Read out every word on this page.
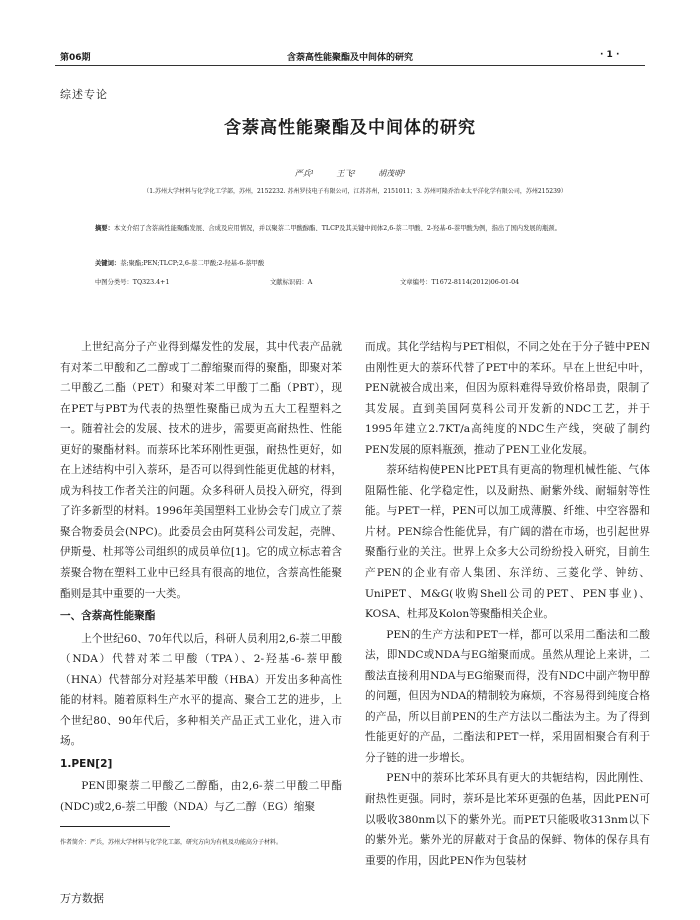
第06期	含萘高性能聚酯及中间体的研究	· 1 ·
综述专论
含萘高性能聚酯及中间体的研究
严兵¹	王飞²	胡茂明³
（1.苏州大学材料与化学化工学部，苏州，2152232. 苏州罗技电子有限公司，江苏苏州，2151011；3. 苏州可隆乔治业太平洋化学有限公司，苏州215239）
摘要：本文介绍了含萘高性能聚酯发展、合成及应用情况，并以聚萘二甲酸醇酯、TLCP及其关键中间体2,6-萘二甲酸、2-羟基-6-萘甲酸为例，指出了国内发展的瓶颈。
关键词：萘;聚酯;PEN;TLCP;2,6-萘二甲酸;2-羟基-6-萘甲酸
中图分类号：TQ323.4+1	文献标识码：A	文章编号：T1672-8114(2012)06-01-04

上世纪高分子产业得到爆发性的发展，其中代表产品就有对苯二甲酸和乙二醇或丁二醇缩聚而得的聚酯，即聚对苯二甲酸乙二酯（PET）和聚对苯二甲酸丁二酯（PBT），现在PET与PBT为代表的热塑性聚酯已成为五大工程塑料之一。随着社会的发展、技术的进步，需要更高耐热性、性能更好的聚酯材料。而萘环比苯环刚性更强，耐热性更好，如在上述结构中引入萘环，是否可以得到性能更优越的材料，成为科技工作者关注的问题。众多科研人员投入研究，得到了许多新型的材料。1996年美国塑料工业协会专门成立了萘聚合物委员会(NPC)。此委员会由阿莫科公司发起，壳牌、伊斯曼、杜邦等公司组织的成员单位[1]。它的成立标志着含萘聚合物在塑料工业中已经具有很高的地位，含萘高性能聚酯则是其中重要的一大类。

一、含萘高性能聚酯

上个世纪60、70年代以后，科研人员利用2,6-萘二甲酸（NDA）代替对苯二甲酸（TPA）、2-羟基-6-萘甲酸（HNA）代替部分对羟基苯甲酸（HBA）开发出多种高性能的材料。随着原料生产水平的提高、聚合工艺的进步，上个世纪80、90年代后，多种相关产品正式工业化，进入市场。

1.PEN[2]

PEN即聚萘二甲酸乙二醇酯，由2,6-萘二甲酸二甲酯(NDC)或2,6-萘二甲酸（NDA）与乙二醇（EG）缩聚

而成。其化学结构与PET相似，不同之处在于分子链中PEN由刚性更大的萘环代替了PET中的苯环。早在上世纪中叶，PEN就被合成出来，但因为原料难得导致价格昂贵，限制了其发展。直到美国阿莫科公司开发新的NDC工艺，并于1995年建立2.7KT/a高纯度的NDC生产线，突破了制约PEN发展的原料瓶颈，推动了PEN工业化发展。

萘环结构使PEN比PET具有更高的物理机械性能、气体阻隔性能、化学稳定性，以及耐热、耐紫外线、耐辐射等性能。与PET一样，PEN可以加工成薄膜、纤维、中空容器和片材。PEN综合性能优异，有广阔的潜在市场，也引起世界聚酯行业的关注。世界上众多大公司纷纷投入研究，目前生产PEN的企业有帝人集团、东洋纺、三菱化学、钟纺、UniPET、M&G(收购Shell公司的PET、PEN事业)、KOSA、杜邦及Kolon等聚酯相关企业。

PEN的生产方法和PET一样，都可以采用二酯法和二酸法，即NDC或NDA与EG缩聚而成。虽然从理论上来讲，二酸法直接利用NDA与EG缩聚而得，没有NDC中副产物甲醇的问题，但因为NDA的精制较为麻烦，不容易得到纯度合格的产品，所以目前PEN的生产方法以二酯法为主。为了得到性能更好的产品，二酯法和PET一样，采用固相聚合有利于分子链的进一步增长。

PEN中的萘环比苯环具有更大的共轭结构，因此刚性、耐热性更强。同时，萘环是比苯环更强的色基，因此PEN可以吸收380nm以下的紫外光。而PET只能吸收313nm以下的紫外光。紫外光的屏蔽对于食品的保鲜、物体的保存具有重要的作用，因此PEN作为包装材

作者简介：严兵，苏州大学材料与化学化工部，研究方向为有机及功能高分子材料。
万方数据
